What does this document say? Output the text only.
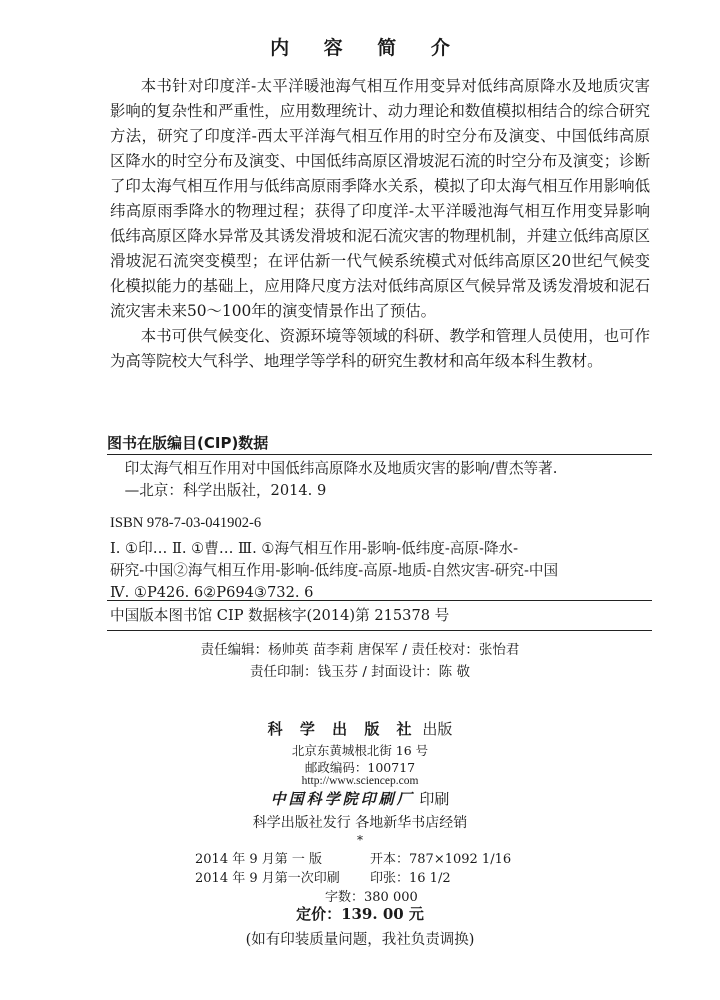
内 容 简 介

本书针对印度洋-太平洋暖池海气相互作用变异对低纬高原降水及地质灾害影响的复杂性和严重性，应用数理统计、动力理论和数值模拟相结合的综合研究方法，研究了印度洋-西太平洋海气相互作用的时空分布及演变、中国低纬高原区降水的时空分布及演变、中国低纬高原区滑坡泥石流的时空分布及演变；诊断了印太海气相互作用与低纬高原雨季降水关系，模拟了印太海气相互作用影响低纬高原雨季降水的物理过程；获得了印度洋-太平洋暖池海气相互作用变异影响低纬高原区降水异常及其诱发滑坡和泥石流灾害的物理机制，并建立低纬高原区滑坡泥石流突变模型；在评估新一代气候系统模式对低纬高原区20世纪气候变化模拟能力的基础上，应用降尺度方法对低纬高原区气候异常及诱发滑坡和泥石流灾害未来50～100年的演变情景作出了预估。

本书可供气候变化、资源环境等领域的科研、教学和管理人员使用，也可作为高等院校大气科学、地理学等学科的研究生教材和高年级本科生教材。

图书在版编目(CIP)数据
印太海气相互作用对中国低纬高原降水及地质灾害的影响/曹杰等著.
—北京：科学出版社，2014. 9
ISBN 978-7-03-041902-6
Ⅰ. ①印… Ⅱ. ①曹… Ⅲ. ①海气相互作用-影响-低纬度-高原-降水-
研究-中国②海气相互作用-影响-低纬度-高原-地质-自然灾害-研究-中国
Ⅳ. ①P426. 6②P694③732. 6
中国版本图书馆 CIP 数据核字(2014)第 215378 号
责任编辑：杨帅英 苗李莉 唐保军 / 责任校对：张怡君
责任印制：钱玉芬 / 封面设计：陈 敬
科 学 出 版 社 出版
北京东黄城根北街 16 号
邮政编码：100717
http://www.sciencep.com
中国科学院印刷厂 印刷
科学出版社发行 各地新华书店经销
*
2014 年 9 月第 一 版	开本：787×1092 1/16
2014 年 9 月第一次印刷	印张：16 1/2
字数：380 000
定价：139. 00 元
(如有印装质量问题，我社负责调换)
